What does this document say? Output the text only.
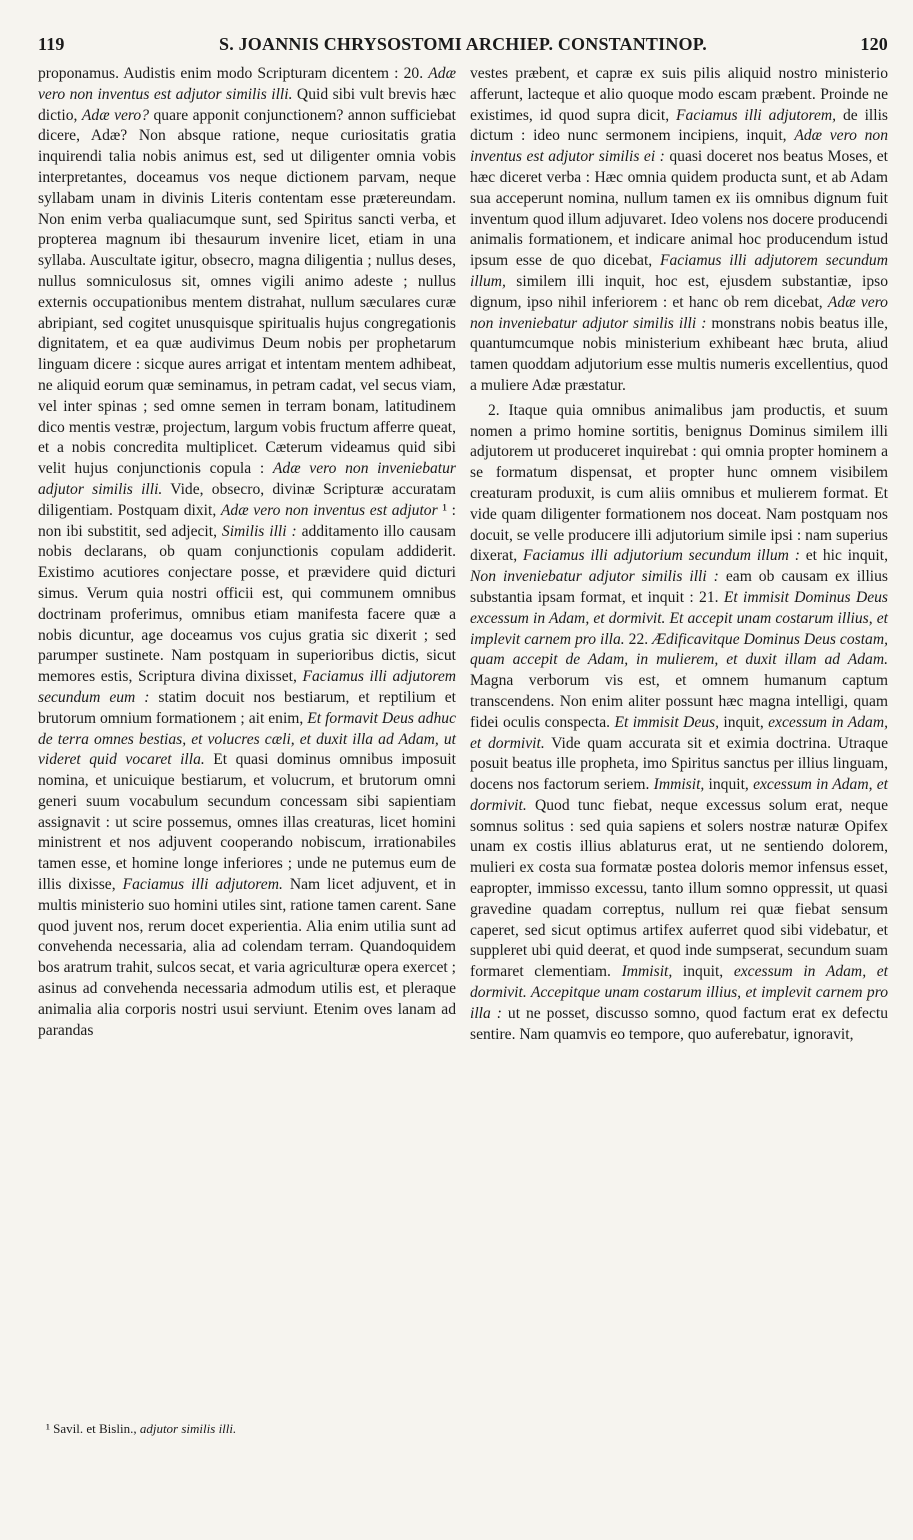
119	S. JOANNIS CHRYSOSTOMI ARCHIEP. CONSTANTINOP.	120

proponamus. Audistis enim modo Scripturam dicentem : 20. Adæ vero non inventus est adjutor similis illi. Quid sibi vult brevis hæc dictio, Adæ vero? quare apponit conjunctionem? annon sufficiebat dicere, Adæ? Non absque ratione, neque curiositatis gratia inquirendi talia nobis animus est, sed ut diligenter omnia vobis interpretantes, doceamus vos neque dictionem parvam, neque syllabam unam in divinis Literis contentam esse prætereundam. Non enim verba qualiacumque sunt, sed Spiritus sancti verba, et propterea magnum ibi thesaurum invenire licet, etiam in una syllaba. Auscultate igitur, obsecro, magna diligentia ; nullus deses, nullus somniculosus sit, omnes vigili animo adeste ; nullus externis occupationibus mentem distrahat, nullum sæculares curæ abripiant, sed cogitet unusquisque spiritualis hujus congregationis dignitatem, et ea quæ audivimus Deum nobis per prophetarum linguam dicere : sicque aures arrigat et intentam mentem adhibeat, ne aliquid eorum quæ seminamus, in petram cadat, vel secus viam, vel inter spinas ; sed omne semen in terram bonam, latitudinem dico mentis vestræ, projectum, largum vobis fructum afferre queat, et a nobis concredita multiplicet. Cæterum videamus quid sibi velit hujus conjunctionis copula : Adæ vero non inveniebatur adjutor similis illi. Vide, obsecro, divinæ Scripturæ accuratam diligentiam. Postquam dixit, Adæ vero non inventus est adjutor ¹ : non ibi substitit, sed adjecit, Similis illi : additamento illo causam nobis declarans, ob quam conjunctionis copulam addiderit. Existimo acutiores conjectare posse, et prævidere quid dicturi simus. Verum quia nostri officii est, qui communem omnibus doctrinam proferimus, omnibus etiam manifesta facere quæ a nobis dicuntur, age doceamus vos cujus gratia sic dixerit ; sed parumper sustinete. Nam postquam in superioribus dictis, sicut memores estis, Scriptura divina dixisset, Faciamus illi adjutorem secundum eum : statim docuit nos bestiarum, et reptilium et brutorum omnium formationem ; ait enim, Et formavit Deus adhuc de terra omnes bestias, et volucres cæli, et duxit illa ad Adam, ut videret quid vocaret illa. Et quasi dominus omnibus imposuit nomina, et unicuique bestiarum, et volucrum, et brutorum omni generi suum vocabulum secundum concessam sibi sapientiam assignavit : ut scire possemus, omnes illas creaturas, licet homini ministrent et nos adjuvent cooperando nobiscum, irrationabiles tamen esse, et homine longe inferiores ; unde ne putemus eum de illis dixisse, Faciamus illi adjutorem. Nam licet adjuvent, et in multis ministerio suo homini utiles sint, ratione tamen carent. Sane quod juvent nos, rerum docet experientia. Alia enim utilia sunt ad convehenda necessaria, alia ad colendam terram. Quandoquidem bos aratrum trahit, sulcos secat, et varia agriculturæ opera exercet ; asinus ad convehenda necessaria admodum utilis est, et pleraque animalia alia corporis nostri usui serviunt. Etenim oves lanam ad parandas

vestes præbent, et capræ ex suis pilis aliquid nostro ministerio afferunt, lacteque et alio quoque modo escam præbent. Proinde ne existimes, id quod supra dicit, Faciamus illi adjutorem, de illis dictum : ideo nunc sermonem incipiens, inquit, Adæ vero non inventus est adjutor similis ei : quasi doceret nos beatus Moses, et hæc diceret verba : Hæc omnia quidem producta sunt, et ab Adam sua acceperunt nomina, nullum tamen ex iis omnibus dignum fuit inventum quod illum adjuvaret. Ideo volens nos docere producendi animalis formationem, et indicare animal hoc producendum istud ipsum esse de quo dicebat, Faciamus illi adjutorem secundum illum, similem illi inquit, hoc est, ejusdem substantiæ, ipso dignum, ipso nihil inferiorem : et hanc ob rem dicebat, Adæ vero non inveniebatur adjutor similis illi : monstrans nobis beatus ille, quantumcumque nobis ministerium exhibeant hæc bruta, aliud tamen quoddam adjutorium esse multis numeris excellentius, quod a muliere Adæ præstatur.

2. Itaque quia omnibus animalibus jam productis, et suum nomen a primo homine sortitis, benignus Dominus similem illi adjutorem ut produceret inquirebat : qui omnia propter hominem a se formatum dispensat, et propter hunc omnem visibilem creaturam produxit, is cum aliis omnibus et mulierem format. Et vide quam diligenter formationem nos doceat. Nam postquam nos docuit, se velle producere illi adjutorium simile ipsi : nam superius dixerat, Faciamus illi adjutorium secundum illum : et hic inquit, Non inveniebatur adjutor similis illi : eam ob causam ex illius substantia ipsam format, et inquit : 21. Et immisit Dominus Deus excessum in Adam, et dormivit. Et accepit unam costarum illius, et implevit carnem pro illa. 22. Ædificavitque Dominus Deus costam, quam accepit de Adam, in mulierem, et duxit illam ad Adam. Magna verborum vis est, et omnem humanum captum transcendens. Non enim aliter possunt hæc magna intelligi, quam fidei oculis conspecta. Et immisit Deus, inquit, excessum in Adam, et dormivit. Vide quam accurata sit et eximia doctrina. Utraque posuit beatus ille propheta, imo Spiritus sanctus per illius linguam, docens nos factorum seriem. Immisit, inquit, excessum in Adam, et dormivit. Quod tunc fiebat, neque excessus solum erat, neque somnus solitus : sed quia sapiens et solers nostræ naturæ Opifex unam ex costis illius ablaturus erat, ut ne sentiendo dolorem, mulieri ex costa sua formatæ postea doloris memor infensus esset, eapropter, immisso excessu, tanto illum somno oppressit, ut quasi gravedine quadam correptus, nullum rei quæ fiebat sensum caperet, sed sicut optimus artifex auferret quod sibi videbatur, et suppleret ubi quid deerat, et quod inde sumpserat, secundum suam formaret clementiam. Immisit, inquit, excessum in Adam, et dormivit. Accepitque unam costarum illius, et implevit carnem pro illa : ut ne posset, discusso somno, quod factum erat ex defectu sentire. Nam quamvis eo tempore, quo auferebatur, ignoravit,

¹ Savil. et Bislin., adjutor similis illi.
